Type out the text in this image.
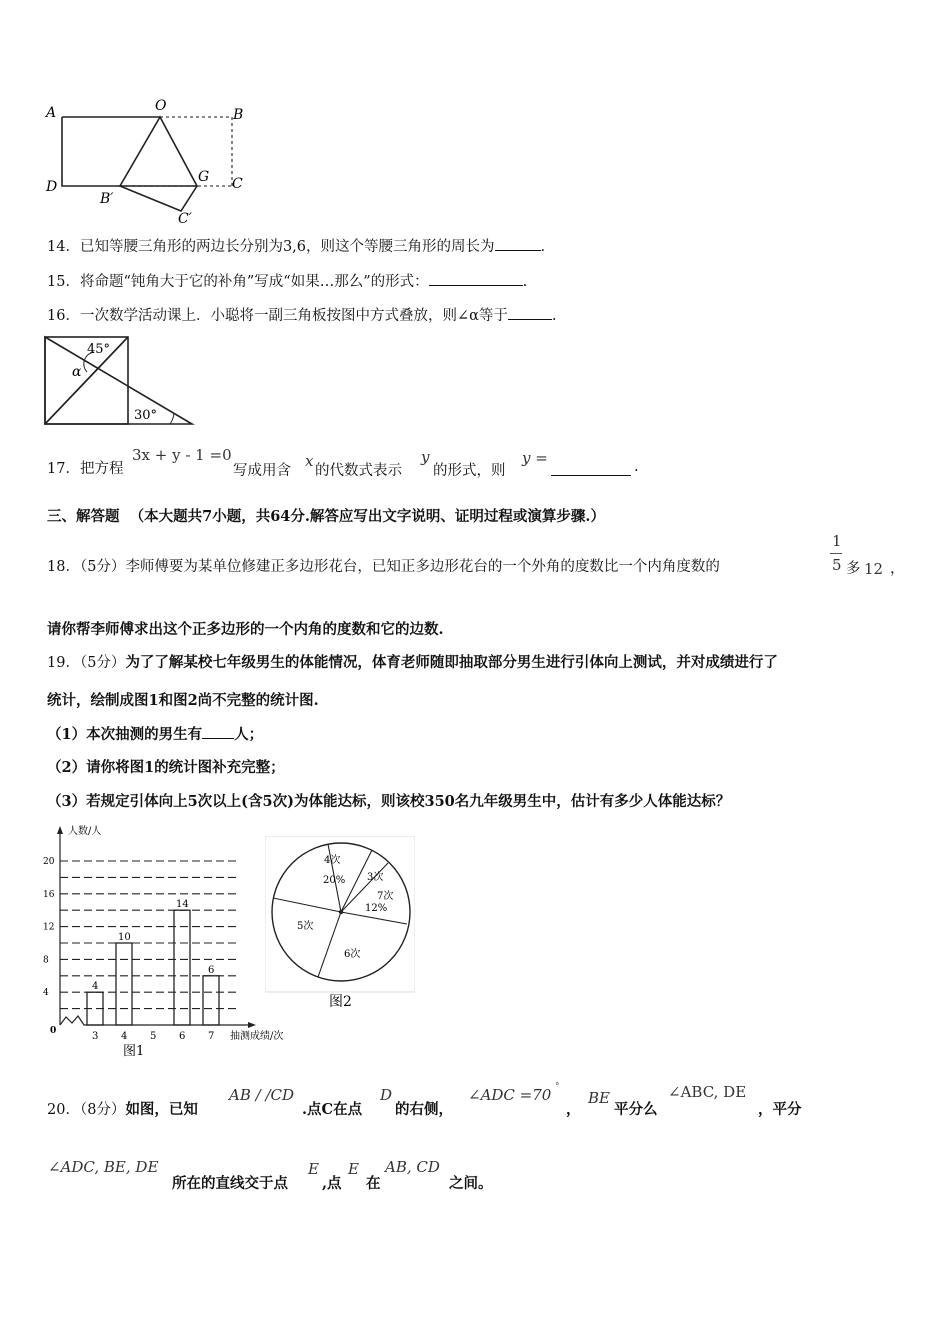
A	O
B
D
B′
G C
C′
14．已知等腰三角形的两边长分别为3,6，则这个等腰三角形的周长为	.
15．将命题“钝角大于它的补角”写成“如果…那么”的形式：	.
16．一次数学活动课上．小聪将一副三角板按图中方式叠放，则∠α等于	.
45°
α
30°
17．把方程
3x + y - 1 =0
写成用含
x
的代数式表示
y
的形式，则
y =	.
三、解答题 （本大题共7小题，共64分.解答应写出文字说明、证明过程或演算步骤.）
18．（5分）李师傅要为某单位修建正多边形花台，已知正多边形花台的一个外角的度数比一个内角度数的
1
5 多 12 ，
请你帮李师傅求出这个正多边形的一个内角的度数和它的边数.
19．（5分）为了了解某校七年级男生的体能情况，体育老师随即抽取部分男生进行引体向上测试，并对成绩进行了
统计，绘制成图1和图2尚不完整的统计图.
（1）本次抽测的男生有 人；
（2）请你将图1的统计图补充完整；
（3）若规定引体向上5次以上(含5次)为体能达标，则该校350名九年级男生中，估计有多少人体能达标？
人数/人
抽测成绩/次
图1
0
4
8
12
16
20
3 4 5 6 7
4
10
14
6
4次
20% 3次
7次
12%
5次
6次
图2
20．（8分）如图，已知
AB / /CD
.点C在点
D
的右侧，
∠ADC =70 °
，
BE
平分么
∠ABC, DE
，平分
∠ADC, BE, DE
所在的直线交于点
E
,点
E
在
AB, CD
之间。
